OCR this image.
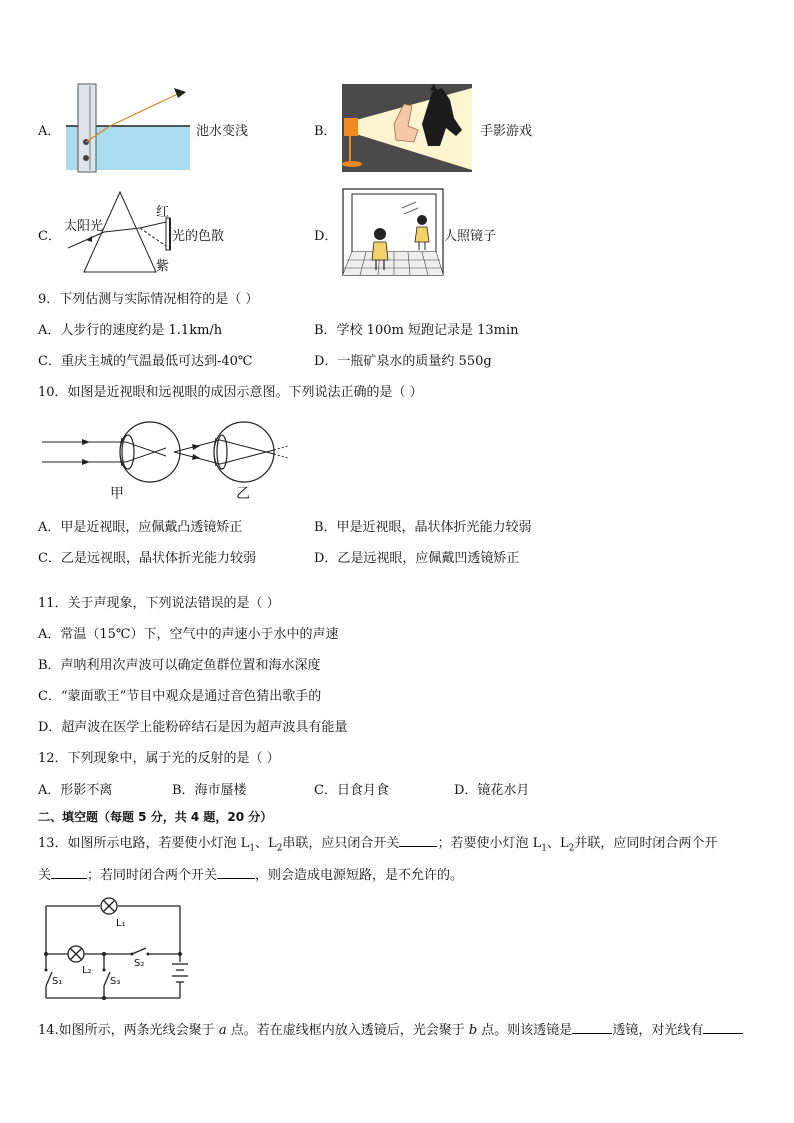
A．	池水变浅	B．	手影游戏
C．
太阳光
红
紫
光的色散	D．	人照镜子
9．下列估测与实际情况相符的是（ ）
A．人步行的速度约是 1.1km/h	B．学校 100m 短跑记录是 13min
C．重庆主城的气温最低可达到-40℃	D．一瓶矿泉水的质量约 550g
10．如图是近视眼和远视眼的成因示意图。下列说法正确的是（ ）
甲	乙
A．甲是近视眼，应佩戴凸透镜矫正	B．甲是近视眼，晶状体折光能力较弱
C．乙是远视眼，晶状体折光能力较弱	D．乙是远视眼，应佩戴凹透镜矫正
11．关于声现象，下列说法错误的是（ ）
A．常温（15℃）下，空气中的声速小于水中的声速
B．声呐利用次声波可以确定鱼群位置和海水深度
C．“蒙面歌王”节目中观众是通过音色猜出歌手的
D．超声波在医学上能粉碎结石是因为超声波具有能量
12．下列现象中，属于光的反射的是（ ）
A．形影不离	B．海市蜃楼	C．日食月食	D．镜花水月
二、填空题（每题 5 分，共 4 题，20 分）
13．如图所示电路，若要使小灯泡 $L_1$、$L_2$串联，应只闭合开关	；若要使小灯泡 $L_1$、$L_2$并联，应同时闭合两个开
关	；若同时闭合两个开关	，则会造成电源短路，是不允许的。
L₁
L₂
S₂
S₁	S₃
14.如图所示，两条光线会聚于 a 点。若在虚线框内放入透镜后，光会聚于 b 点。则该透镜是	透镜，对光线有
